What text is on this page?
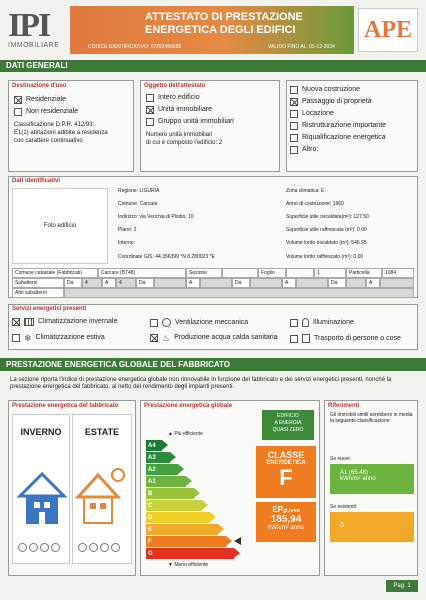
IPI
IMMOBILIARE
ATTESTATO DI PRESTAZIONE
ENERGETICA DEGLI EDIFICI
CODICE IDENTIFICATIVO: 07292456685	VALIDO FINO AL: 05-12-2034
APE
DATI GENERALI
Destinazione d'uso
Residenziale
Non residenziale
Classificazione D.P.R. 412/93:
E1(1) abitazioni adibite a residenza
con carattere continuativo
Oggetto dell'attestato
Intero edificio
Unità immobiliare
Gruppo unità immobiliari
Numero unità immobiliari
di cui è composto l'edificio: 2
Nuova costruzione
Passaggio di proprietà
Locazione
Ristrutturazione importante
Riqualificazione energetica
Altro:
Dati identificativi
Foto edificio
Regione: LIGURIA
Comune: Carcare
Indirizzo: via Vecchia di Plodio, 10
Piano: 2
Interno:
Coordinate GIS: 44.356399 °N 8.280023 °E
Zona climatica: E
Anno di costruzione: 1960
Superficie utile riscaldata(m²): 127.50
Superficie utile raffrescata (m²): 0.00
Volume lordo riscaldato (m³): 546.95
Volume lordo raffrescato (m³): 0.00
Comune catastale (Fabbricati)	Carcare (B748)	Sezione	Foglio	1	Particella	1084
Subalterni	Da	4	A	4	Da	A	Da	A	Da	A
Altri subalterni
Servizi energetici presenti
Climatizzazione invernale	Ventilazione meccanica	Illuminazione
❄ Climatizzazione estiva	♨ Produzione acqua calda sanitaria	Trasporto di persone o cose
PRESTAZIONE ENERGETICA GLOBALE DEL FABBRICATO
La sezione riporta l'indice di prestazione energetica globale non rinnovabile in funzione del fabbricato e dei servizi energetici presenti, nonché la prestazione energetica del fabbricato, al netto del rendimento degli impianti presenti.
Prestazione energetica del fabbricato
INVERNO	ESTATE
Prestazione energetica globale
▲ Più efficiente
▼ Meno efficiente
A4
A3
A2
A1
B
C
D
E
F
G
EDIFICIO
A ENERGIA
QUASI ZERO
CLASSE
ENERGETICA
F
EPgl,nren
185,94
kWh/m² anno
Riferimenti
Gli immobili simili avrebbero in media la seguente classificazione:
Se nuovi:
A1 (65.48)
kWh/m² anno
Se esistenti:
0
Pag. 1
